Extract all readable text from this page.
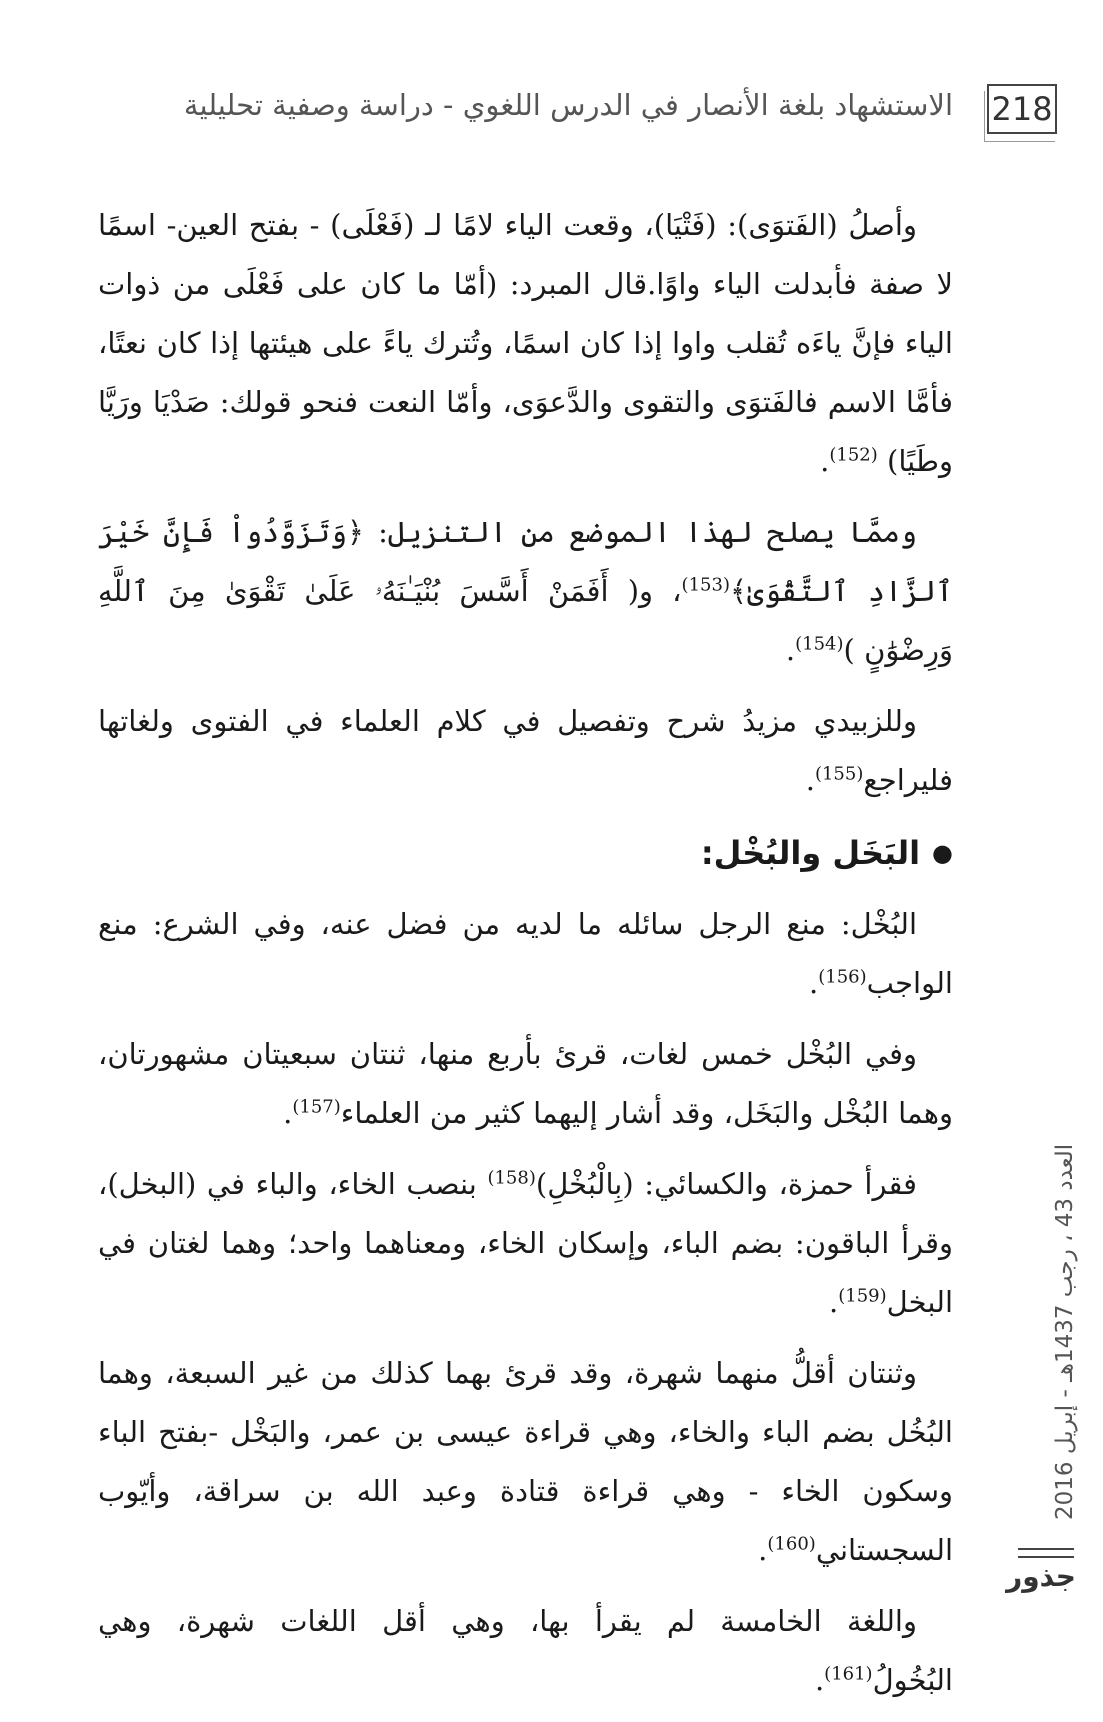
218
الاستشهاد بلغة الأنصار في الدرس اللغوي - دراسة وصفية تحليلية

وأصلُ (الفَتوَى): (فَتْيَا)، وقعت الياء لامًا لـ (فَعْلَى) - بفتح العين- اسمًا لا صفة فأبدلت الياء واوًا.قال المبرد: (أمّا ما كان على فَعْلَى من ذوات الياء فإنَّ ياءَه تُقلب واوا إذا كان اسمًا، وتُترك ياءً على هيئتها إذا كان نعتًا، فأمَّا الاسم فالفَتوَى والتقوى والدَّعوَى، وأمّا النعت فنحو قولك: صَدْيَا ورَيَّا وطَيًا) $^{(152)}$.

وممَّا يصلح لهذا الموضع من التنزيل: ﴿وَتَزَوَّدُواْ فَإِنَّ خَيْرَ ٱلزَّادِ ٱلتَّقْوَىٰ﴾$^{(153)}$، و( أَفَمَنْ أَسَّسَ بُنْيَـٰنَهُۥ عَلَىٰ تَقْوَىٰ مِنَ ٱللَّهِ وَرِضْوَٰنٍ )$^{(154)}$.

وللزبيدي مزيدُ شرح وتفصيل في كلام العلماء في الفتوى ولغاتها فليراجع$^{(155)}$.

●
البَخَل والبُخْل:

البُخْل: منع الرجل سائله ما لديه من فضل عنه، وفي الشرع: منع الواجب$^{(156)}$.

وفي البُخْل خمس لغات، قرئ بأربع منها، ثنتان سبعيتان مشهورتان، وهما البُخْل والبَخَل، وقد أشار إليهما كثير من العلماء$^{(157)}$.

فقرأ حمزة، والكسائي: (بِالْبُخْلِ)$^{(158)}$ بنصب الخاء، والباء في (البخل)، وقرأ الباقون: بضم الباء، وإسكان الخاء، ومعناهما واحد؛ وهما لغتان في البخل$^{(159)}$.

وثنتان أقلُّ منهما شهرة، وقد قرئ بهما كذلك من غير السبعة، وهما البُخُل بضم الباء والخاء، وهي قراءة عيسى بن عمر، والبَخْل -بفتح الباء وسكون الخاء - وهي قراءة قتادة وعبد الله بن سراقة، وأيّوب السجستاني$^{(160)}$.

واللغة الخامسة لم يقرأ بها، وهي أقل اللغات شهرة، وهي البُخُولُ$^{(161)}$.

العدد 43 ، رجب 1437هـ - إبريل 2016
جذور
